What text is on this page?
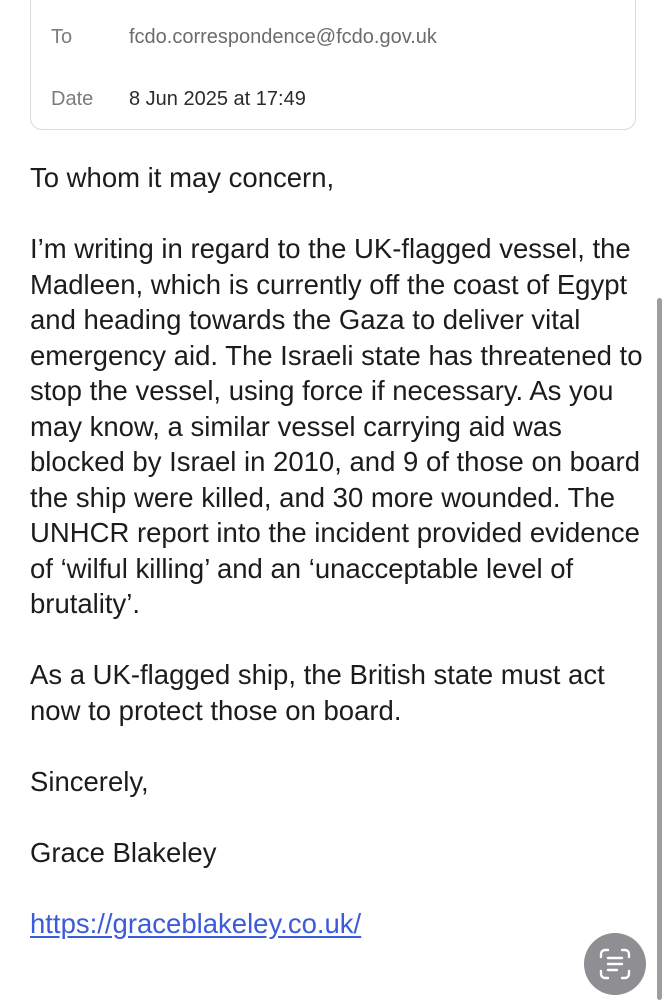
To	fcdo.correspondence@fcdo.gov.uk
Date	8 Jun 2025 at 17:49

To whom it may concern,

I’m writing in regard to the UK-flagged vessel, the Madleen, which is currently off the coast of Egypt and heading towards the Gaza to deliver vital emergency aid. The Israeli state has threatened to stop the vessel, using force if necessary. As you may know, a similar vessel carrying aid was blocked by Israel in 2010, and 9 of those on board the ship were killed, and 30 more wounded. The UNHCR report into the incident provided evidence of ‘wilful killing’ and an ‘unacceptable level of brutality’.

As a UK-flagged ship, the British state must act now to protect those on board.

Sincerely,

Grace Blakeley

https://graceblakeley.co.uk/
